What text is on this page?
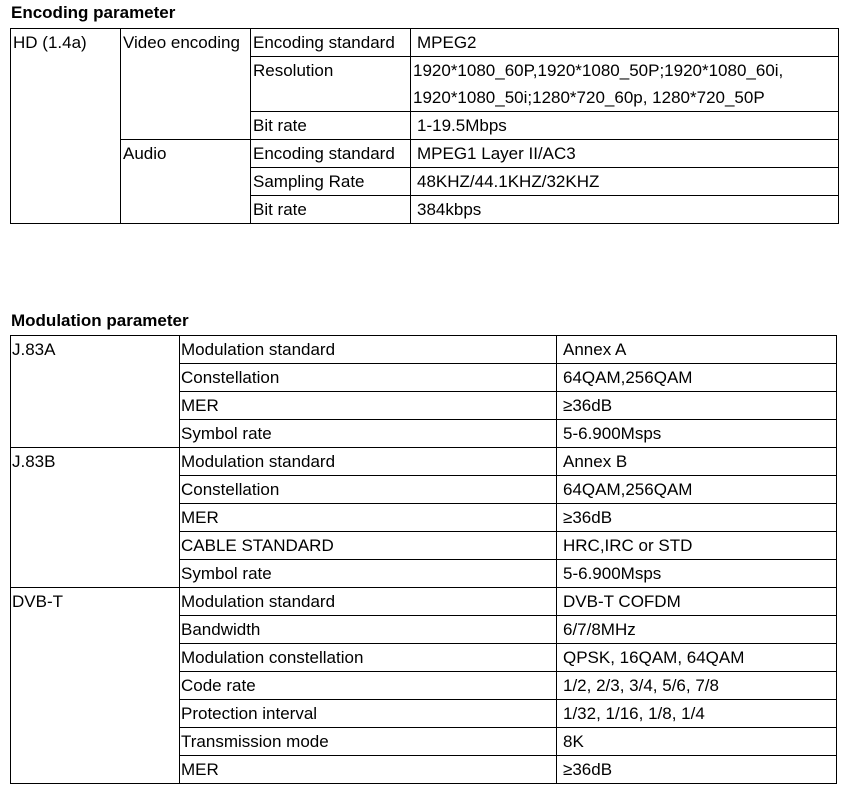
Encoding parameter
HD (1.4a)	Video encoding	Encoding standard	MPEG2
		Resolution	1920*1080_60P,1920*1080_50P;1920*1080_60i, 1920*1080_50i;1280*720_60p, 1280*720_50P
		Bit rate	1-19.5Mbps
	Audio	Encoding standard	MPEG1 Layer II/AC3
		Sampling Rate	48KHZ/44.1KHZ/32KHZ
		Bit rate	384kbps
Modulation parameter
J.83A	Modulation standard	Annex A
	Constellation	64QAM,256QAM
	MER	≥36dB
	Symbol rate	5-6.900Msps
J.83B	Modulation standard	Annex B
	Constellation	64QAM,256QAM
	MER	≥36dB
	CABLE STANDARD	HRC,IRC or STD
	Symbol rate	5-6.900Msps
DVB-T	Modulation standard	DVB-T COFDM
	Bandwidth	6/7/8MHz
	Modulation constellation	QPSK, 16QAM, 64QAM
	Code rate	1/2, 2/3, 3/4, 5/6, 7/8
	Protection interval	1/32, 1/16, 1/8, 1/4
	Transmission mode	8K
	MER	≥36dB
